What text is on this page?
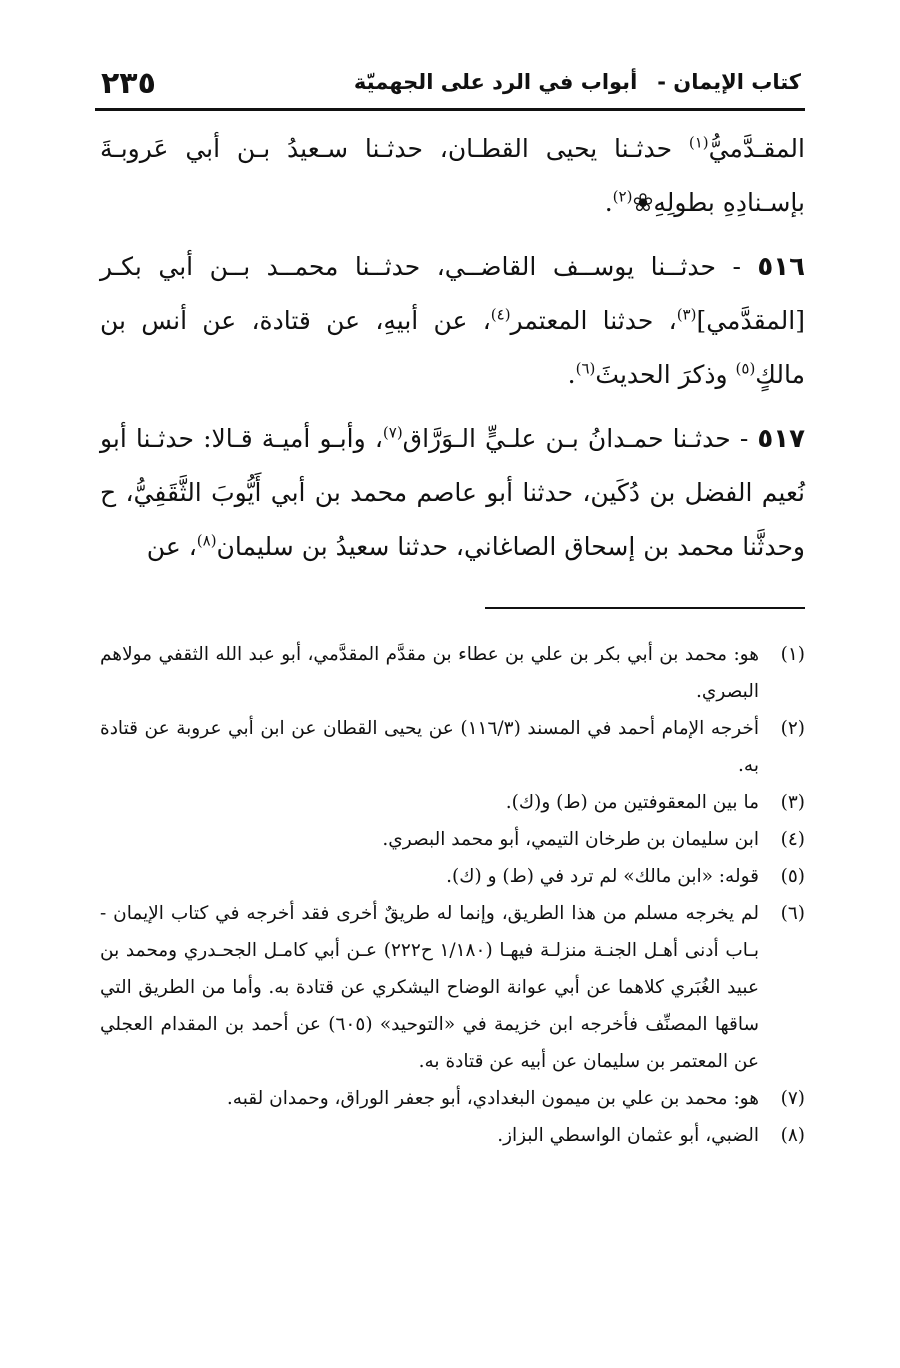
كتاب الإيمان -أبواب في الرد على الجهميّة
٢٣٥

المقـدَّميُّ$^{(١)}$ حدثـنا يحيى القطـان، حدثـنا سـعيدُ بـن أبي عَروبـةَ بإسـنادِهِ بطولِهِ❀$^{(٢)}$.

٥١٦ - حدثــنا يوســف القاضــي، حدثــنا محمــد بــن أبي بكـر [المقدَّمي]$^{(٣)}$، حدثنا المعتمر$^{(٤)}$، عن أبيهِ، عن قتادة، عن أنس بن مالكٍ$^{(٥)}$ وذكرَ الحديثَ$^{(٦)}$.

٥١٧ - حدثـنا حمـدانُ بـن علـيٍّ الـوَرَّاق$^{(٧)}$، وأبـو أميـة قـالا: حدثـنا أبو نُعيم الفضل بن دُكَين، حدثنا أبو عاصم محمد بن أبي أَيُّوبَ الثَّقَفِيُّ، ح وحدثَّنا محمد بن إسحاق الصاغاني، حدثنا سعيدُ بن سليمان$^{(٨)}$، عن

(١)
هو: محمد بن أبي بكر بن علي بن عطاء بن مقدَّم المقدَّمي، أبو عبد الله الثقفي مولاهم البصري.
(٢)
أخرجه الإمام أحمد في المسند (١١٦/٣) عن يحيى القطان عن ابن أبي عروبة عن قتادة به.
(٣)
ما بين المعقوفتين من (ط) و(ك).
(٤)
ابن سليمان بن طرخان التيمي، أبو محمد البصري.
(٥)
قوله: «ابن مالك» لم ترد في (ط) و (ك).
(٦)
لم يخرجه مسلم من هذا الطريق، وإنما له طريقٌ أخرى فقد أخرجه في كتاب الإيمان - بـاب أدنى أهـل الجنـة منزلـة فيهـا (١/١٨٠ ح٢٢٢) عـن أبي كامـل الجحـدري ومحمد بن عبيد الغُبَري كلاهما عن أبي عوانة الوضاح اليشكري عن قتادة به. وأما من الطريق التي ساقها المصنِّف فأخرجه ابن خزيمة في «التوحيد» (٦٠٥) عن أحمد بن المقدام العجلي عن المعتمر بن سليمان عن أبيه عن قتادة به.
(٧)
هو: محمد بن علي بن ميمون البغدادي، أبو جعفر الوراق، وحمدان لقبه.
(٨)
الضبي، أبو عثمان الواسطي البزاز.
